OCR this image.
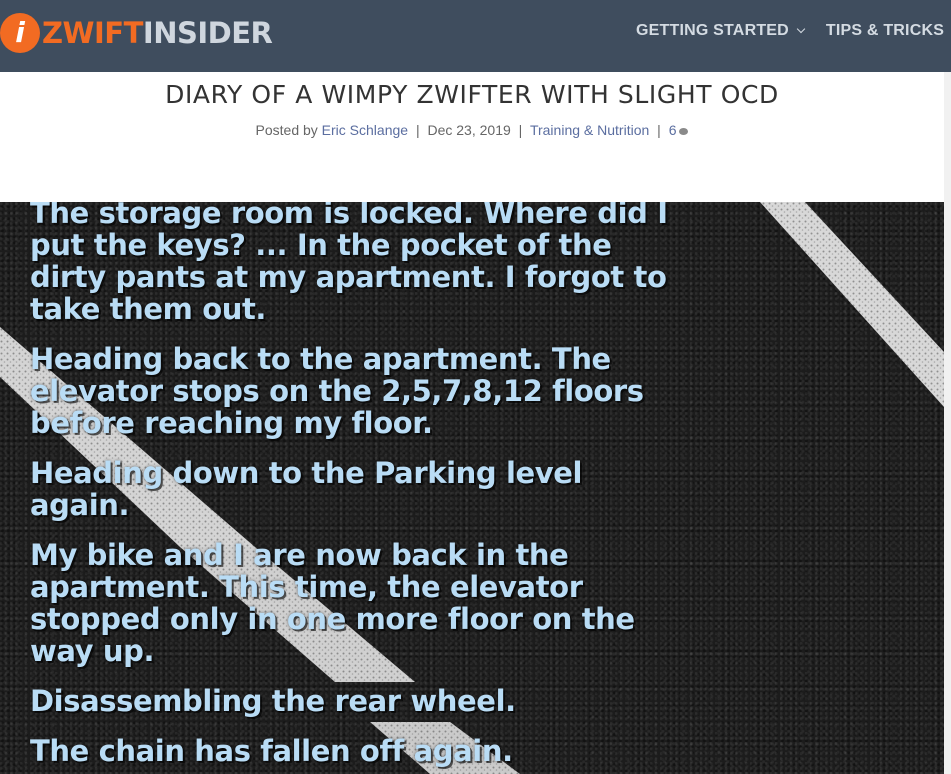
i ZWIFTINSIDER	GETTING STARTED TIPS & TRICKS
DIARY OF A WIMPY ZWIFTER WITH SLIGHT OCD
Posted by Eric Schlange | Dec 23, 2019 | Training & Nutrition | 6

The storage room is locked. Where did I put the keys? ... In the pocket of the dirty pants at my apartment. I forgot to take them out.

Heading back to the apartment. The elevator stops on the 2,5,7,8,12 floors before reaching my floor.

Heading down to the Parking level again.

My bike and I are now back in the apartment. This time, the elevator stopped only in one more floor on the way up.

Disassembling the rear wheel.

The chain has fallen off again.
